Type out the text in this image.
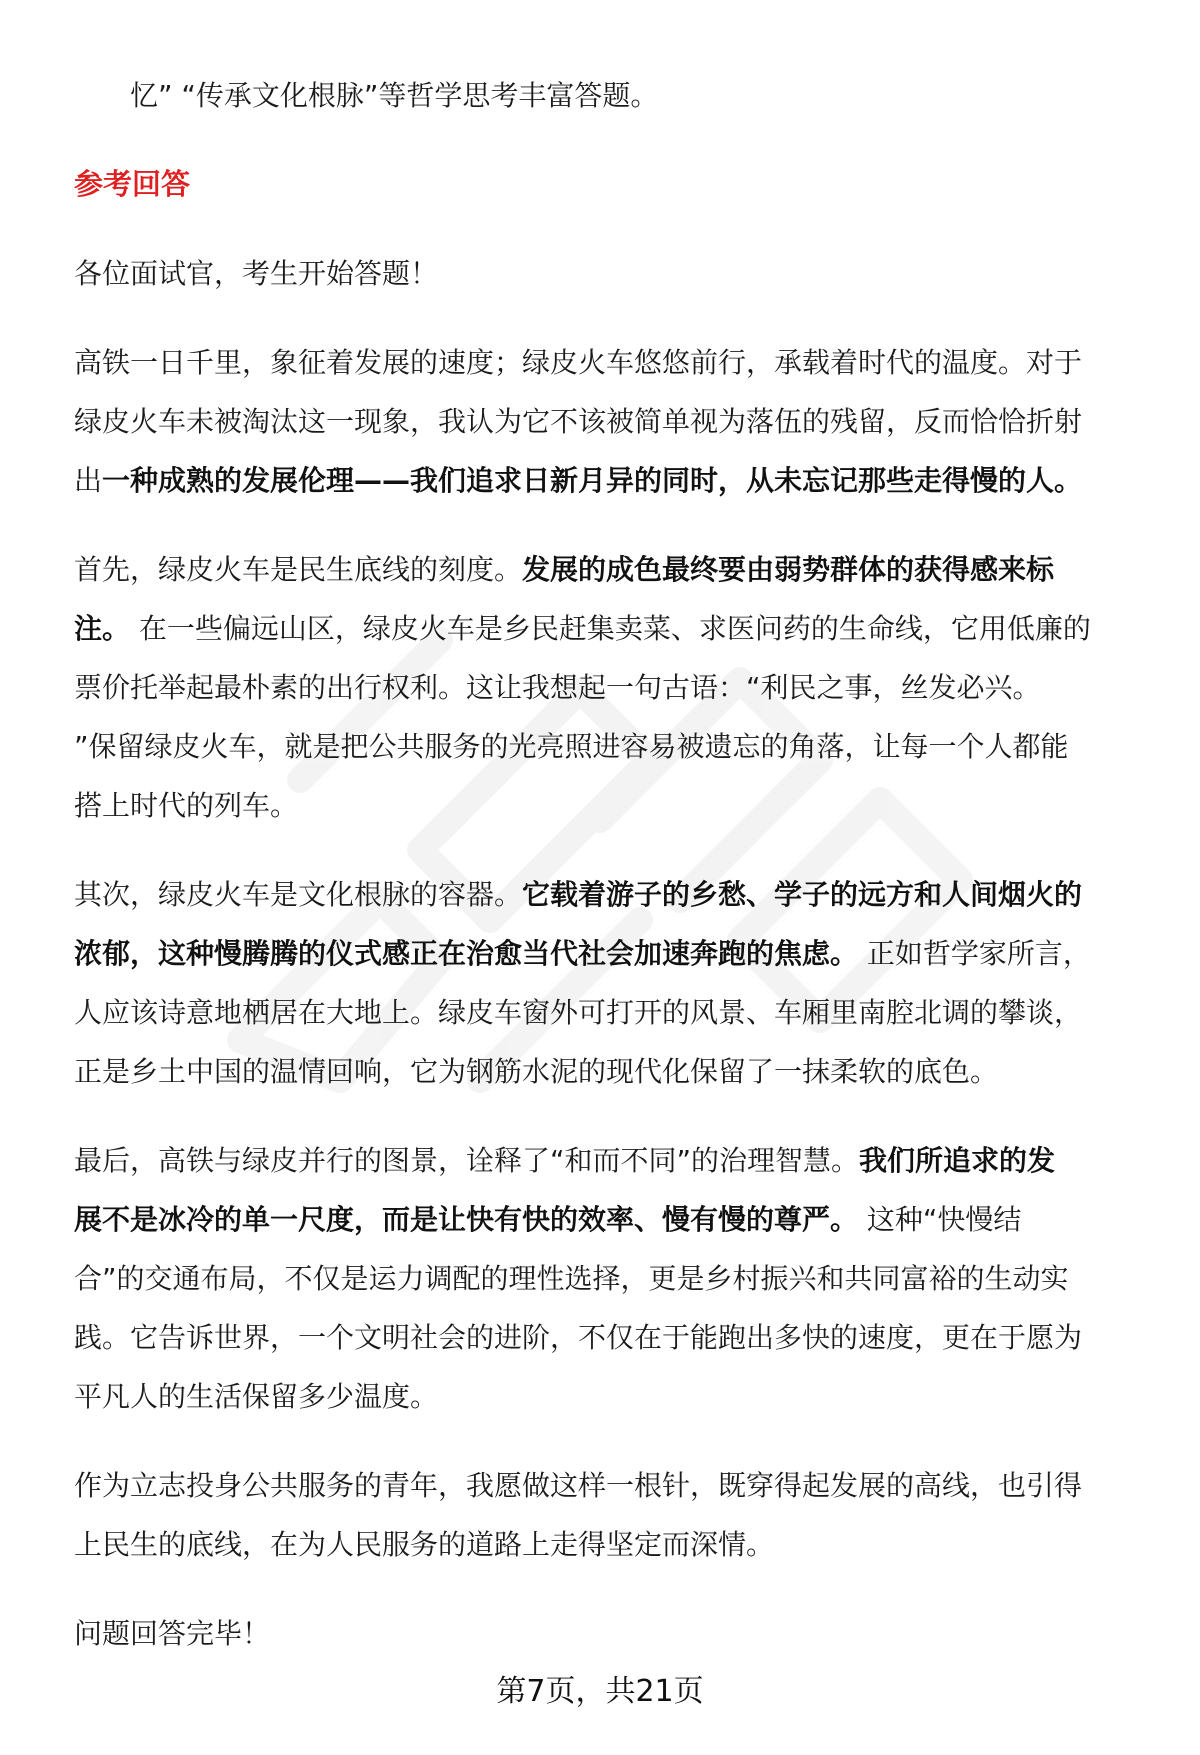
忆” “传承文化根脉”等哲学思考丰富答题。
参考回答
各位面试官，考生开始答题！
高铁一日千里，象征着发展的速度；绿皮火车悠悠前行，承载着时代的温度。对于
绿皮火车未被淘汰这一现象，我认为它不该被简单视为落伍的残留，反而恰恰折射
出一种成熟的发展伦理——我们追求日新月异的同时，从未忘记那些走得慢的人。
首先，绿皮火车是民生底线的刻度。发展的成色最终要由弱势群体的获得感来标
注。 在一些偏远山区，绿皮火车是乡民赶集卖菜、求医问药的生命线，它用低廉的
票价托举起最朴素的出行权利。这让我想起一句古语：“利民之事，丝发必兴。
”保留绿皮火车，就是把公共服务的光亮照进容易被遗忘的角落，让每一个人都能
搭上时代的列车。
其次，绿皮火车是文化根脉的容器。它载着游子的乡愁、学子的远方和人间烟火的
浓郁，这种慢腾腾的仪式感正在治愈当代社会加速奔跑的焦虑。 正如哲学家所言，
人应该诗意地栖居在大地上。绿皮车窗外可打开的风景、车厢里南腔北调的攀谈，
正是乡土中国的温情回响，它为钢筋水泥的现代化保留了一抹柔软的底色。
最后，高铁与绿皮并行的图景，诠释了“和而不同”的治理智慧。我们所追求的发
展不是冰冷的单一尺度，而是让快有快的效率、慢有慢的尊严。 这种“快慢结
合”的交通布局，不仅是运力调配的理性选择，更是乡村振兴和共同富裕的生动实
践。它告诉世界，一个文明社会的进阶，不仅在于能跑出多快的速度，更在于愿为
平凡人的生活保留多少温度。
作为立志投身公共服务的青年，我愿做这样一根针，既穿得起发展的高线，也引得
上民生的底线，在为人民服务的道路上走得坚定而深情。
问题回答完毕！
第7页，共21页
